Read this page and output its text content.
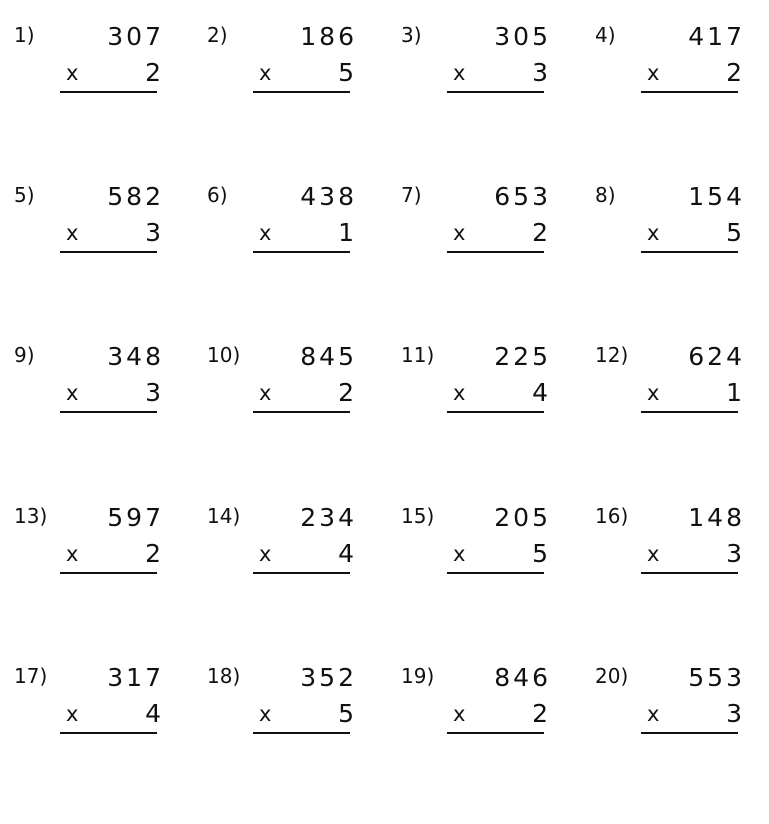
1)	307
x	2
2)	186
x	5
3)	305
x	3
4)	417
x	2
5)	582
x	3
6)	438
x	1
7)	653
x	2
8)	154
x	5
9)	348
x	3
10) 845
x	2
11) 225
x	4
12) 624
x	1
13) 597
x	2
14) 234
x	4
15) 205
x	5
16) 148
x	3
17) 317
x	4
18) 352
x	5
19) 846
x	2
20) 553
x	3
